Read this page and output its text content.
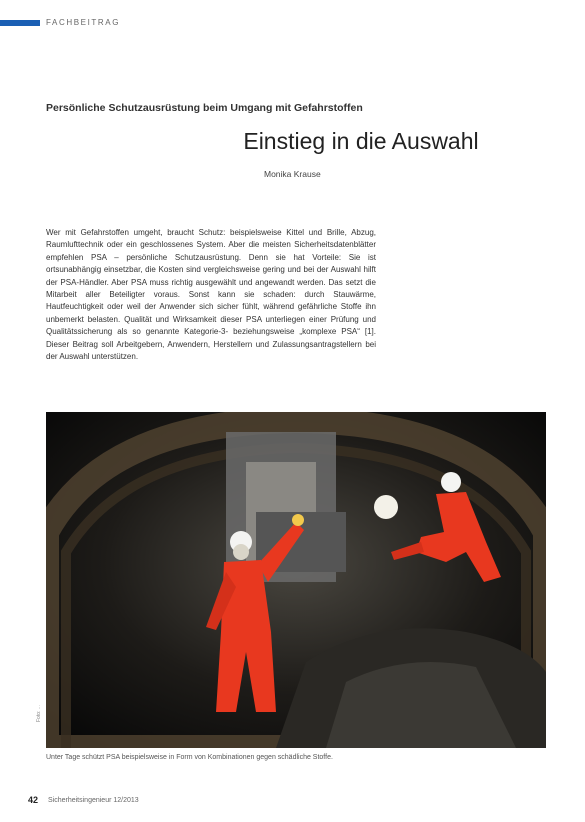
FACHBEITRAG
Persönliche Schutzausrüstung beim Umgang mit Gefahrstoffen
Einstieg in die Auswahl
Monika Krause
Wer mit Gefahrstoffen umgeht, braucht Schutz: beispielsweise Kittel und Brille, Abzug, Raumlufttechnik oder ein geschlossenes System. Aber die meisten Sicherheitsdatenblätter empfehlen PSA – persönliche Schutzausrüstung. Denn sie hat Vorteile: Sie ist ortsunabhängig einsetzbar, die Kosten sind vergleichsweise gering und bei der Auswahl hilft der PSA-Händler. Aber PSA muss richtig ausgewählt und angewandt werden. Das setzt die Mitarbeit aller Beteiligter voraus. Sonst kann sie schaden: durch Stauwärme, Hautfeuchtigkeit oder weil der Anwender sich sicher fühlt, während gefährliche Stoffe ihn unbemerkt belasten. Qualität und Wirksamkeit dieser PSA unterliegen einer Prüfung und Qualitätssicherung als so genannte Kategorie-3- beziehungsweise „komplexe PSA“ [1]. Dieser Beitrag soll Arbeitgebern, Anwendern, Herstellern und Zulassungsantragstellern bei der Auswahl unterstützen.
Foto: ...
Unter Tage schützt PSA beispielsweise in Form von Kombinationen gegen schädliche Stoffe.
42 Sicherheitsingenieur 12/2013
